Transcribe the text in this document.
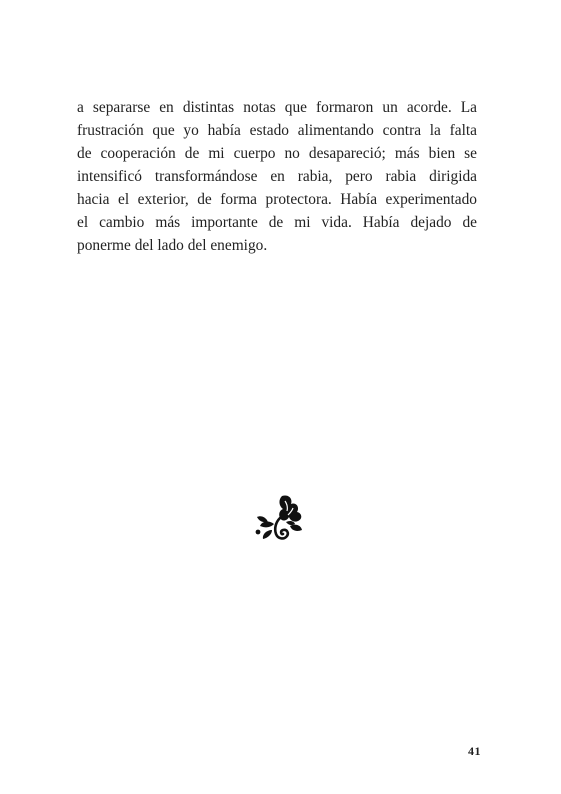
a separarse en distintas notas que formaron un acorde. La
frustración que yo había estado alimentando contra la falta
de cooperación de mi cuerpo no desapareció; más bien se
intensificó transformándose en rabia, pero rabia dirigida
hacia el exterior, de forma protectora. Había experimentado
el cambio más importante de mi vida. Había dejado de
ponerme del lado del enemigo.
41
